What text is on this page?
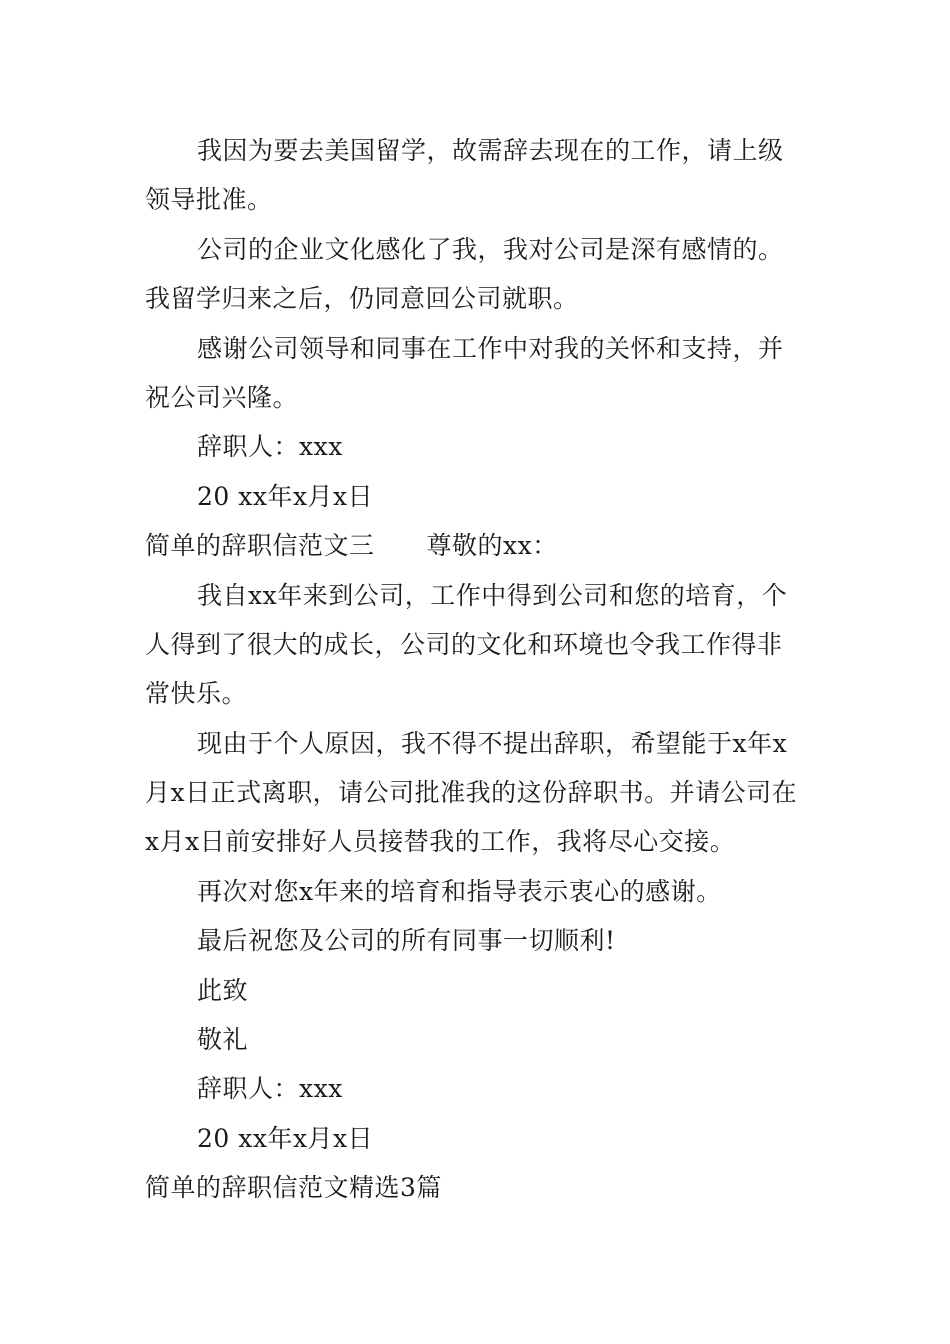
我因为要去美国留学，故需辞去现在的工作，请上级
领导批准。
公司的企业文化感化了我，我对公司是深有感情的。
我留学归来之后，仍同意回公司就职。
感谢公司领导和同事在工作中对我的关怀和支持，并
祝公司兴隆。
辞职人：xxx
20 xx年x月x日
简单的辞职信范文三 尊敬的xx：
我自xx年来到公司，工作中得到公司和您的培育，个
人得到了很大的成长，公司的文化和环境也令我工作得非
常快乐。
现由于个人原因，我不得不提出辞职，希望能于x年x
月x日正式离职，请公司批准我的这份辞职书。并请公司在
x月x日前安排好人员接替我的工作，我将尽心交接。
再次对您x年来的培育和指导表示衷心的感谢。
最后祝您及公司的所有同事一切顺利!
此致
敬礼
辞职人：xxx
20 xx年x月x日
简单的辞职信范文精选3篇
